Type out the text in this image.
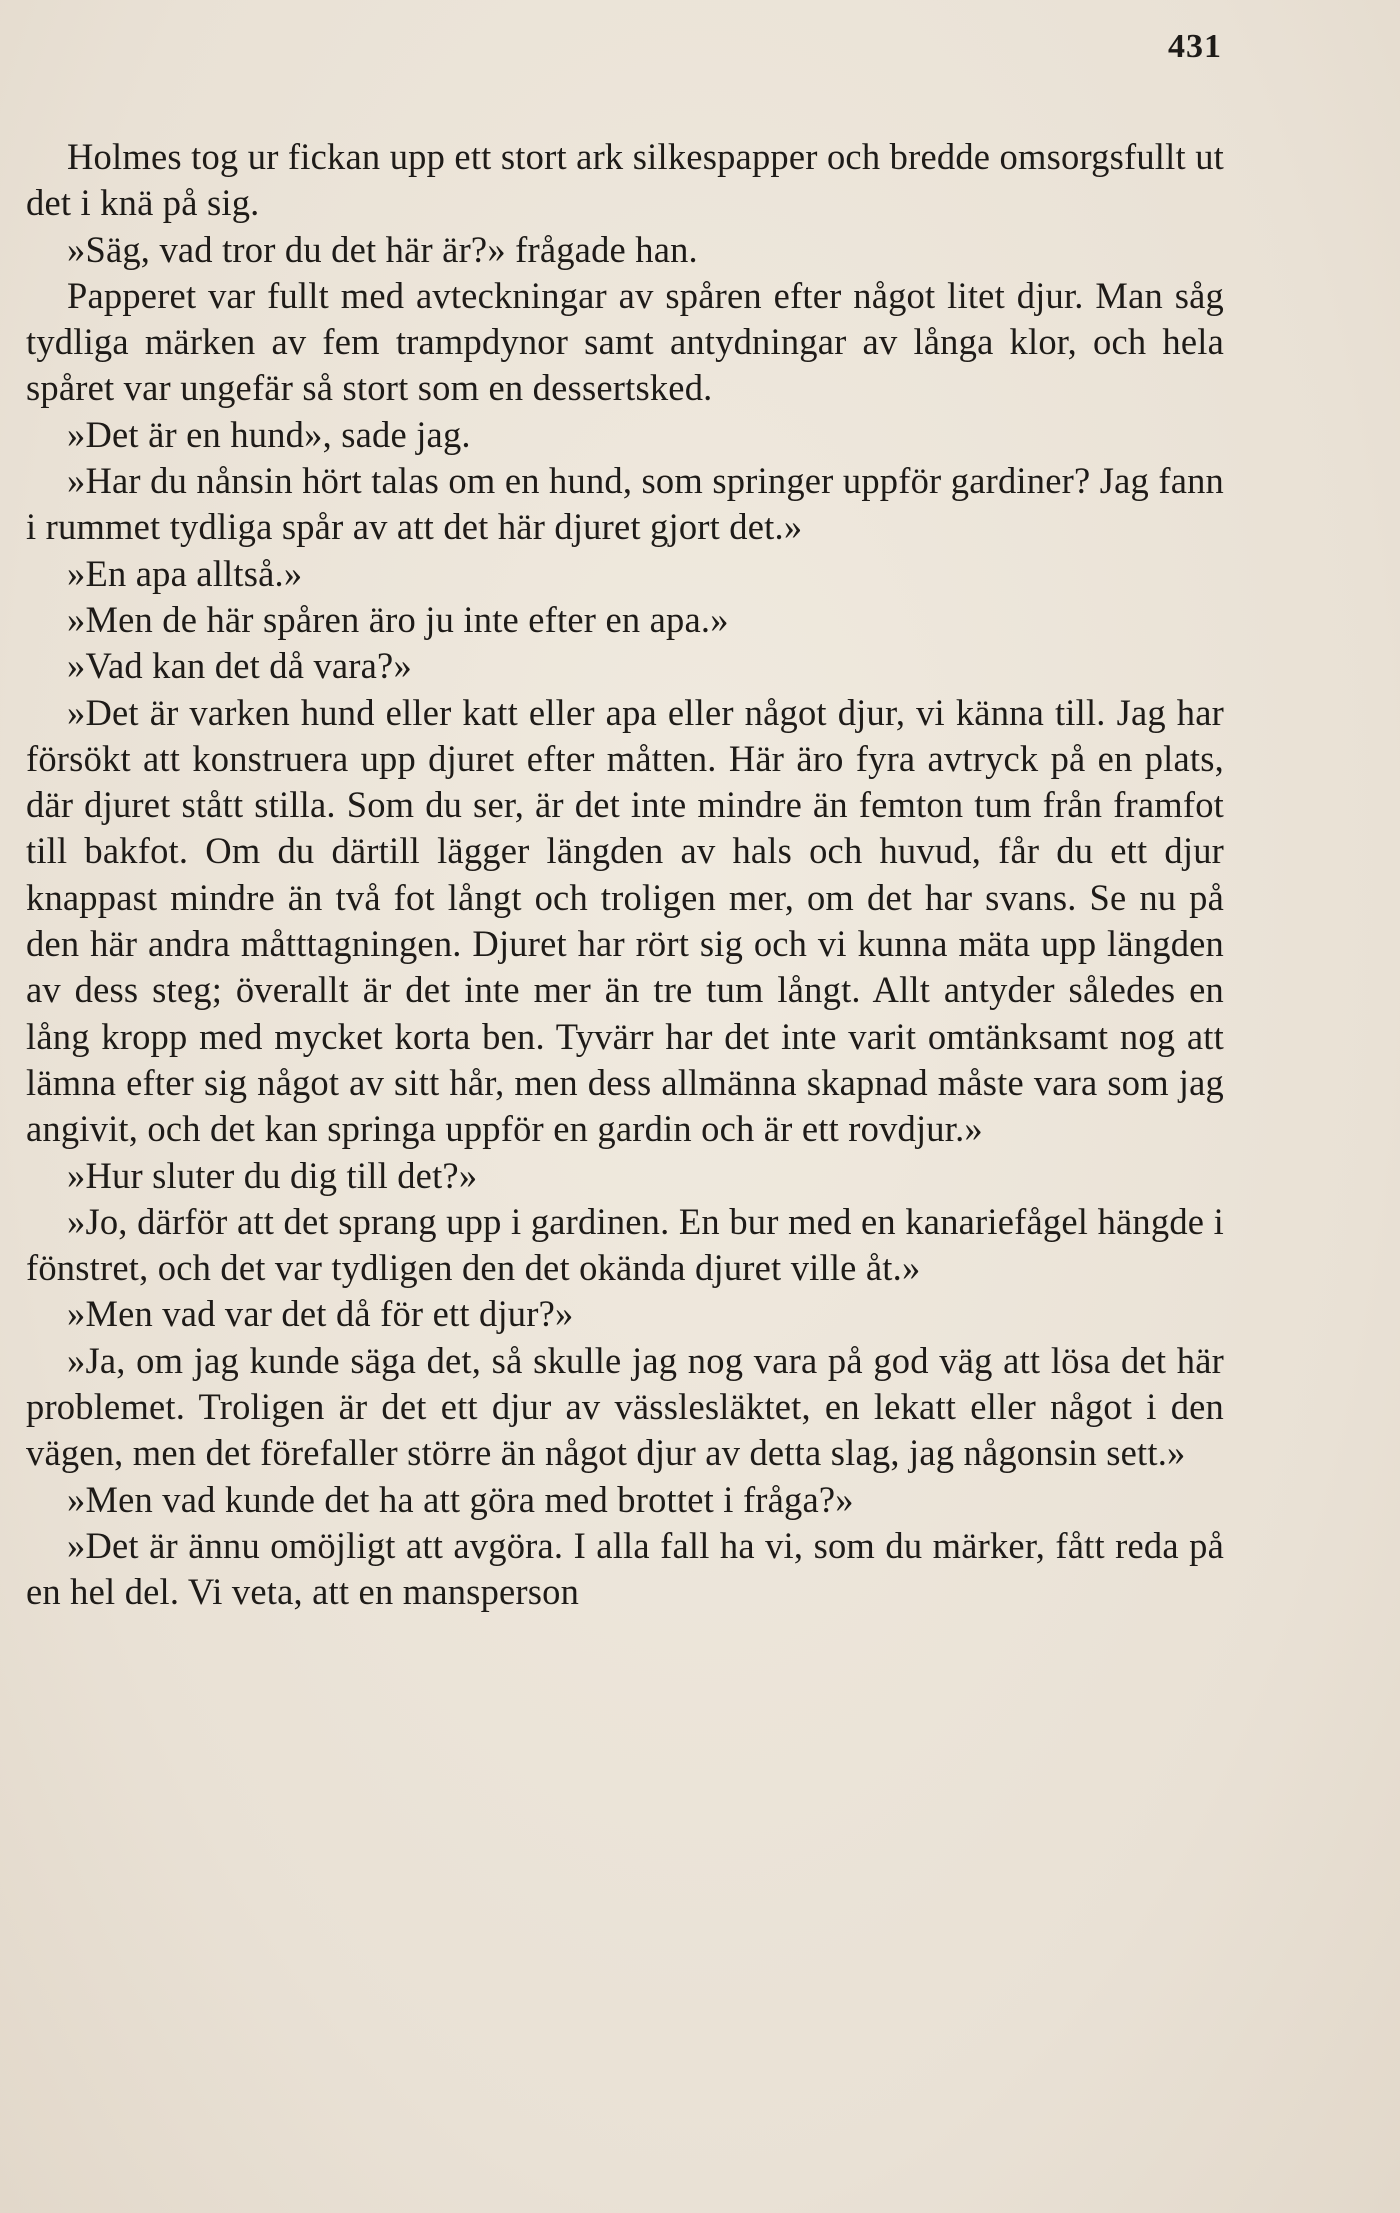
431

Holmes tog ur fickan upp ett stort ark silkespapper och bredde omsorgsfullt ut det i knä på sig.

»Säg, vad tror du det här är?» frågade han.

Papperet var fullt med avteckningar av spåren efter något litet djur. Man såg tydliga märken av fem trampdynor samt antydningar av långa klor, och hela spåret var ungefär så stort som en dessertsked.

»Det är en hund», sade jag.

»Har du nånsin hört talas om en hund, som springer uppför gardiner? Jag fann i rummet tydliga spår av att det här djuret gjort det.»

»En apa alltså.»

»Men de här spåren äro ju inte efter en apa.»

»Vad kan det då vara?»

»Det är varken hund eller katt eller apa eller något djur, vi känna till. Jag har försökt att konstruera upp djuret efter måtten. Här äro fyra avtryck på en plats, där djuret stått stilla. Som du ser, är det inte mindre än femton tum från framfot till bakfot. Om du därtill lägger längden av hals och huvud, får du ett djur knappast mindre än två fot långt och troligen mer, om det har svans. Se nu på den här andra måtttagningen. Djuret har rört sig och vi kunna mäta upp längden av dess steg; överallt är det inte mer än tre tum långt. Allt antyder således en lång kropp med mycket korta ben. Tyvärr har det inte varit omtänksamt nog att lämna efter sig något av sitt hår, men dess allmänna skapnad måste vara som jag angivit, och det kan springa uppför en gardin och är ett rovdjur.»

»Hur sluter du dig till det?»

»Jo, därför att det sprang upp i gardinen. En bur med en kanariefågel hängde i fönstret, och det var tydligen den det okända djuret ville åt.»

»Men vad var det då för ett djur?»

»Ja, om jag kunde säga det, så skulle jag nog vara på god väg att lösa det här problemet. Troligen är det ett djur av vässlesläktet, en lekatt eller något i den vägen, men det förefaller större än något djur av detta slag, jag någonsin sett.»

»Men vad kunde det ha att göra med brottet i fråga?»

»Det är ännu omöjligt att avgöra. I alla fall ha vi, som du märker, fått reda på en hel del. Vi veta, att en mansperson
